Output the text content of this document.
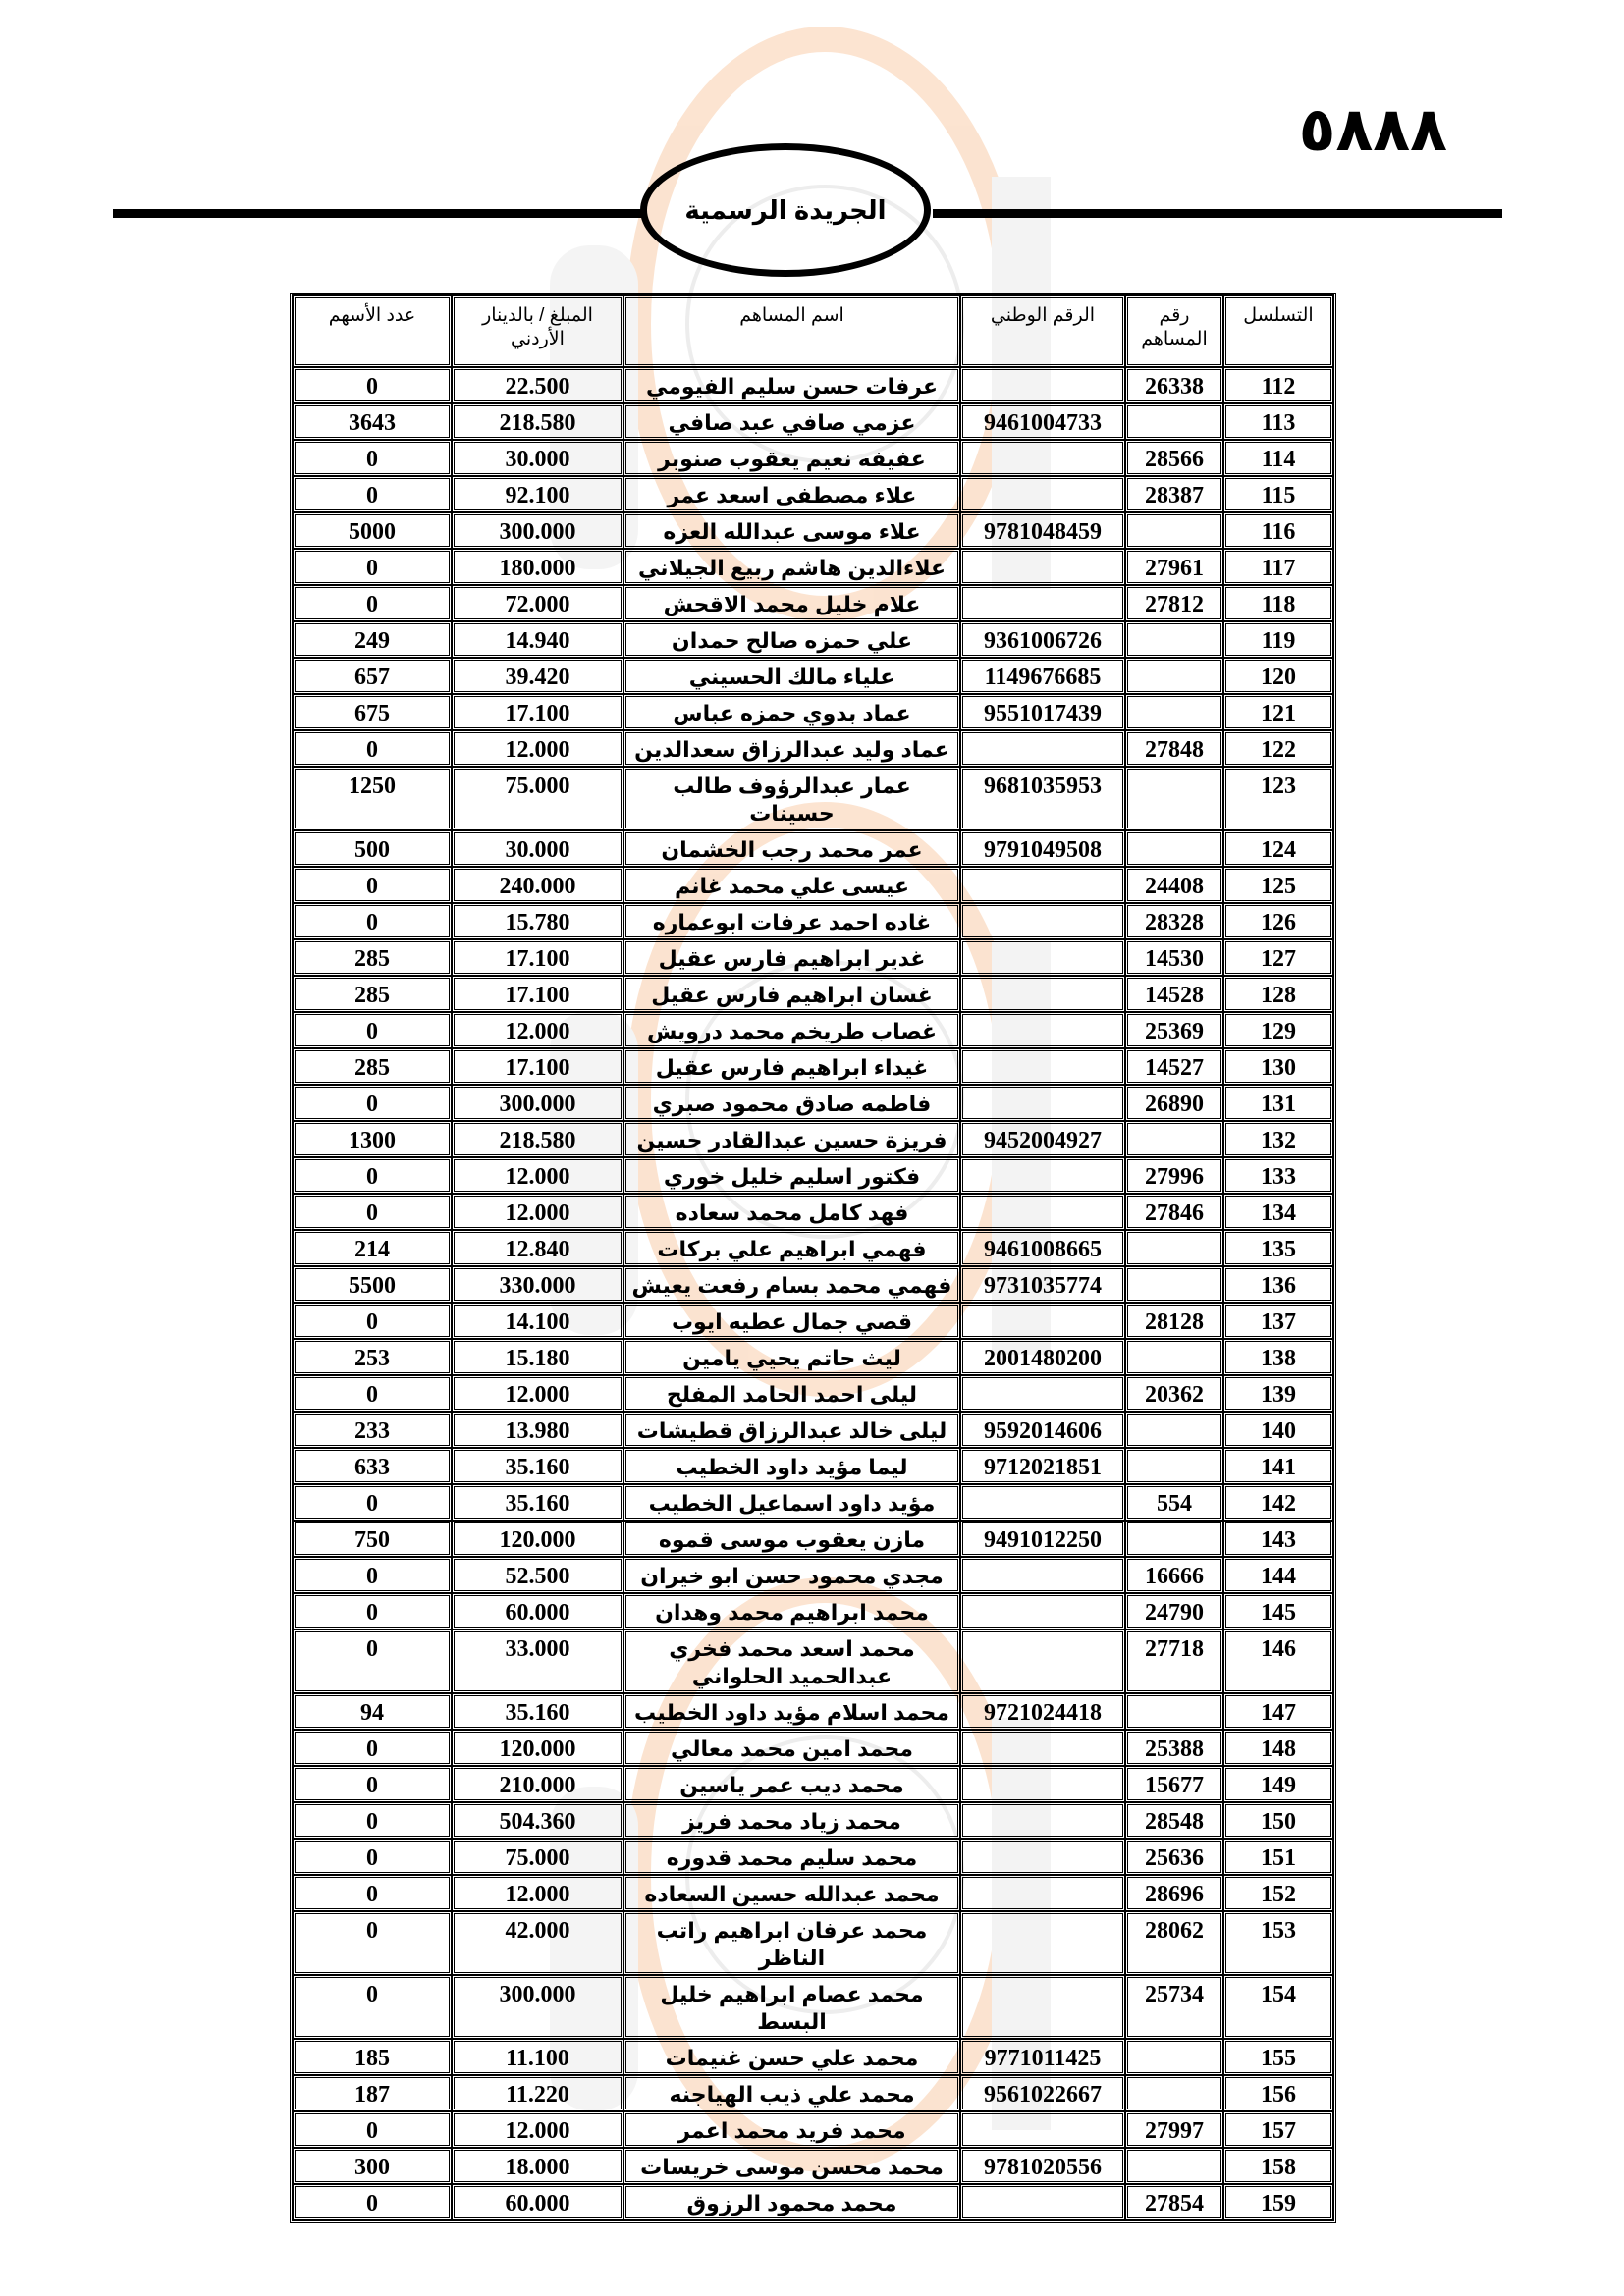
٥٨٨٨
الجريدة الرسمية
التسلسل	رقم المساهم	الرقم الوطني	اسم المساهم	المبلغ / بالدينار الأردني	عدد الأسهم
112	26338		عرفات حسن سليم الفيومي	22.500	0
113		9461004733	عزمي صافي عبد صافي	218.580	3643
114	28566		عفيفه نعيم يعقوب صنوبر	30.000	0
115	28387		علاء مصطفى اسعد عمر	92.100	0
116		9781048459	علاء موسى عبدالله العزه	300.000	5000
117	27961		علاءالدين هاشم ربيع الجيلاني	180.000	0
118	27812		علام خليل محمد الاقحش	72.000	0
119		9361006726	علي حمزه صالح حمدان	14.940	249
120		1149676685	علياء مالك الحسيني	39.420	657
121		9551017439	عماد بدوي حمزه عباس	17.100	675
122	27848		عماد وليد عبدالرزاق سعدالدين	12.000	0
123		9681035953	عمار عبدالرؤوف طالب حسينات	75.000	1250
124		9791049508	عمر محمد رجب الخشمان	30.000	500
125	24408		عيسى علي محمد غانم	240.000	0
126	28328		غاده احمد عرفات ابوعماره	15.780	0
127	14530		غدير ابراهيم فارس عقيل	17.100	285
128	14528		غسان ابراهيم فارس عقيل	17.100	285
129	25369		غصاب طريخم محمد درويش	12.000	0
130	14527		غيداء ابراهيم فارس عقيل	17.100	285
131	26890		فاطمه صادق محمود صبري	300.000	0
132		9452004927	فريزة حسين عبدالقادر حسين	218.580	1300
133	27996		فكتور اسليم خليل خوري	12.000	0
134	27846		فهد كامل محمد سعاده	12.000	0
135		9461008665	فهمي ابراهيم علي بركات	12.840	214
136		9731035774	فهمي محمد بسام رفعت يعيش	330.000	5500
137	28128		قصي جمال عطيه ايوب	14.100	0
138		2001480200	ليث حاتم يحيي يامين	15.180	253
139	20362		ليلى احمد الحامد المفلح	12.000	0
140		9592014606	ليلى خالد عبدالرزاق قطيشات	13.980	233
141		9712021851	ليما مؤيد داود الخطيب	35.160	633
142	554		مؤيد داود اسماعيل الخطيب	35.160	0
143		9491012250	مازن يعقوب موسى قموه	120.000	750
144	16666		مجدي محمود حسن ابو خيران	52.500	0
145	24790		محمد ابراهيم محمد وهدان	60.000	0
146	27718		محمد اسعد محمد فخري عبدالحميد الحلواني	33.000	0
147		9721024418	محمد اسلام مؤيد داود الخطيب	35.160	94
148	25388		محمد امين محمد معالي	120.000	0
149	15677		محمد ديب عمر ياسين	210.000	0
150	28548		محمد زياد محمد فريز	504.360	0
151	25636		محمد سليم محمد قدوره	75.000	0
152	28696		محمد عبدالله حسين السعاده	12.000	0
153	28062		محمد عرفان ابراهيم راتب الناظر	42.000	0
154	25734		محمد عصام ابراهيم خليل البسط	300.000	0
155		9771011425	محمد علي حسن غنيمات	11.100	185
156		9561022667	محمد علي ذيب الهياجنه	11.220	187
157	27997		محمد فريد محمد اعمر	12.000	0
158		9781020556	محمد محسن موسى خريسات	18.000	300
159	27854		محمد محمود الرزوق	60.000	0
